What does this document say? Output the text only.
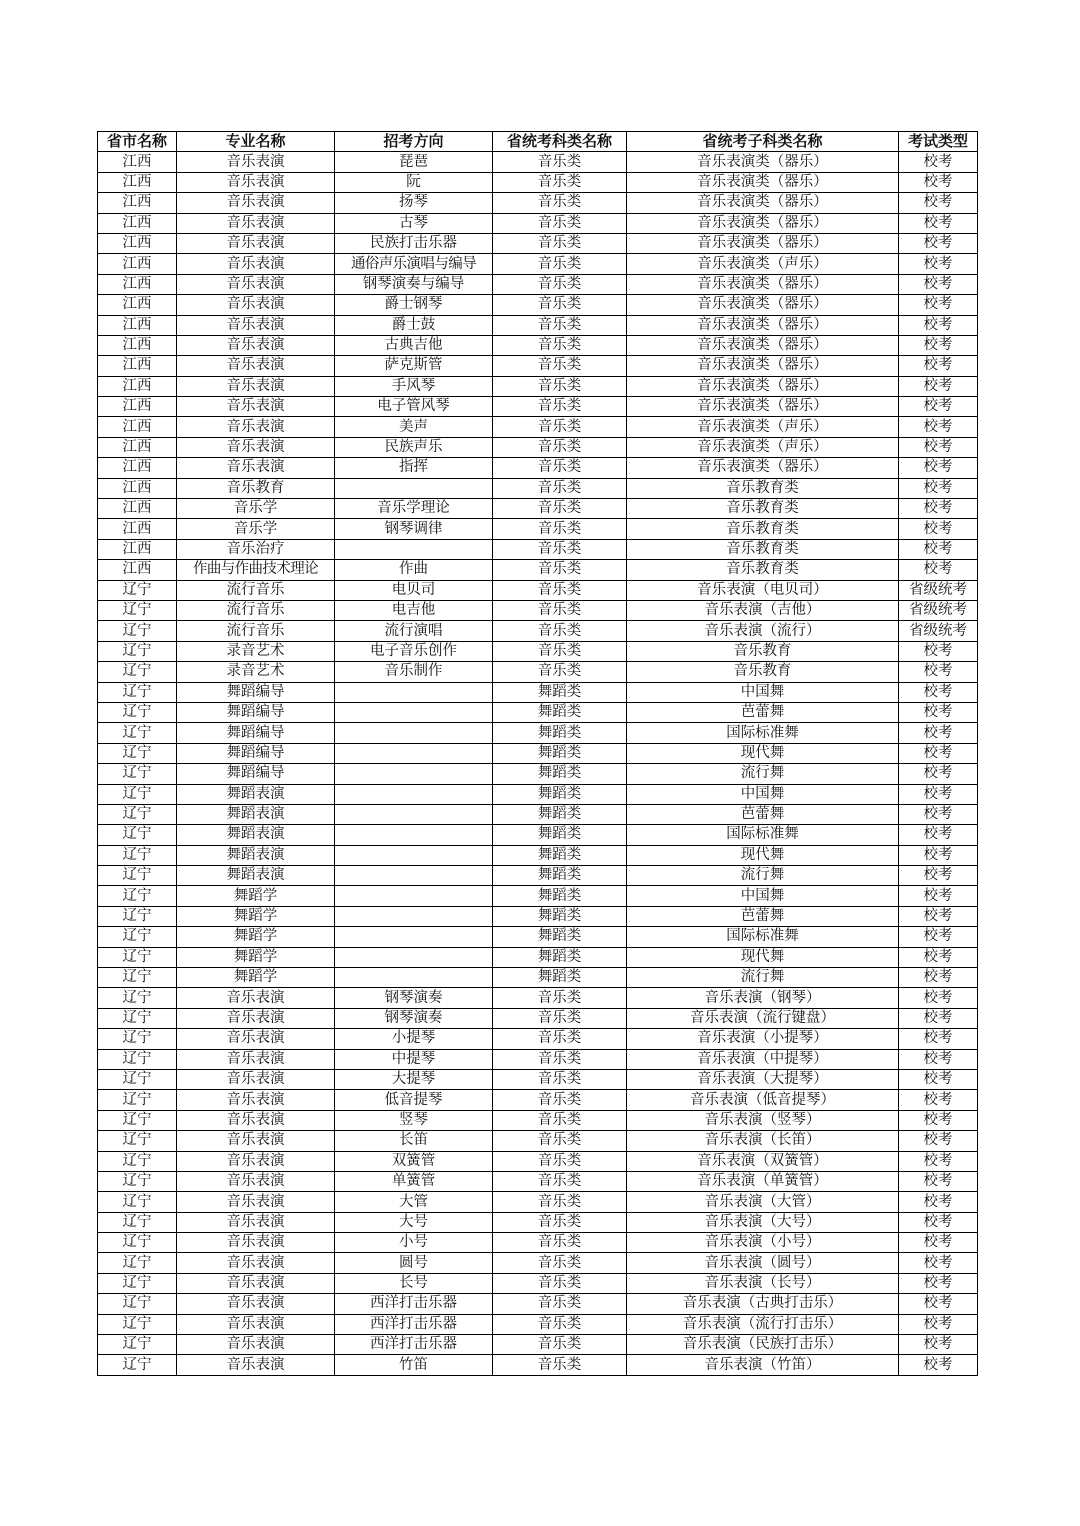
省市名称	专业名称	招考方向	省统考科类名称	省统考子科类名称	考试类型
江西	音乐表演	琵琶	音乐类	音乐表演类（器乐）	校考
江西	音乐表演	阮	音乐类	音乐表演类（器乐）	校考
江西	音乐表演	扬琴	音乐类	音乐表演类（器乐）	校考
江西	音乐表演	古琴	音乐类	音乐表演类（器乐）	校考
江西	音乐表演	民族打击乐器	音乐类	音乐表演类（器乐）	校考
江西	音乐表演	通俗声乐演唱与编导	音乐类	音乐表演类（声乐）	校考
江西	音乐表演	钢琴演奏与编导	音乐类	音乐表演类（器乐）	校考
江西	音乐表演	爵士钢琴	音乐类	音乐表演类（器乐）	校考
江西	音乐表演	爵士鼓	音乐类	音乐表演类（器乐）	校考
江西	音乐表演	古典吉他	音乐类	音乐表演类（器乐）	校考
江西	音乐表演	萨克斯管	音乐类	音乐表演类（器乐）	校考
江西	音乐表演	手风琴	音乐类	音乐表演类（器乐）	校考
江西	音乐表演	电子管风琴	音乐类	音乐表演类（器乐）	校考
江西	音乐表演	美声	音乐类	音乐表演类（声乐）	校考
江西	音乐表演	民族声乐	音乐类	音乐表演类（声乐）	校考
江西	音乐表演	指挥	音乐类	音乐表演类（器乐）	校考
江西	音乐教育		音乐类	音乐教育类	校考
江西	音乐学	音乐学理论	音乐类	音乐教育类	校考
江西	音乐学	钢琴调律	音乐类	音乐教育类	校考
江西	音乐治疗		音乐类	音乐教育类	校考
江西	作曲与作曲技术理论	作曲	音乐类	音乐教育类	校考
辽宁	流行音乐	电贝司	音乐类	音乐表演（电贝司）	省级统考
辽宁	流行音乐	电吉他	音乐类	音乐表演（吉他）	省级统考
辽宁	流行音乐	流行演唱	音乐类	音乐表演（流行）	省级统考
辽宁	录音艺术	电子音乐创作	音乐类	音乐教育	校考
辽宁	录音艺术	音乐制作	音乐类	音乐教育	校考
辽宁	舞蹈编导		舞蹈类	中国舞	校考
辽宁	舞蹈编导		舞蹈类	芭蕾舞	校考
辽宁	舞蹈编导		舞蹈类	国际标准舞	校考
辽宁	舞蹈编导		舞蹈类	现代舞	校考
辽宁	舞蹈编导		舞蹈类	流行舞	校考
辽宁	舞蹈表演		舞蹈类	中国舞	校考
辽宁	舞蹈表演		舞蹈类	芭蕾舞	校考
辽宁	舞蹈表演		舞蹈类	国际标准舞	校考
辽宁	舞蹈表演		舞蹈类	现代舞	校考
辽宁	舞蹈表演		舞蹈类	流行舞	校考
辽宁	舞蹈学		舞蹈类	中国舞	校考
辽宁	舞蹈学		舞蹈类	芭蕾舞	校考
辽宁	舞蹈学		舞蹈类	国际标准舞	校考
辽宁	舞蹈学		舞蹈类	现代舞	校考
辽宁	舞蹈学		舞蹈类	流行舞	校考
辽宁	音乐表演	钢琴演奏	音乐类	音乐表演（钢琴）	校考
辽宁	音乐表演	钢琴演奏	音乐类	音乐表演（流行键盘）	校考
辽宁	音乐表演	小提琴	音乐类	音乐表演（小提琴）	校考
辽宁	音乐表演	中提琴	音乐类	音乐表演（中提琴）	校考
辽宁	音乐表演	大提琴	音乐类	音乐表演（大提琴）	校考
辽宁	音乐表演	低音提琴	音乐类	音乐表演（低音提琴）	校考
辽宁	音乐表演	竖琴	音乐类	音乐表演（竖琴）	校考
辽宁	音乐表演	长笛	音乐类	音乐表演（长笛）	校考
辽宁	音乐表演	双簧管	音乐类	音乐表演（双簧管）	校考
辽宁	音乐表演	单簧管	音乐类	音乐表演（单簧管）	校考
辽宁	音乐表演	大管	音乐类	音乐表演（大管）	校考
辽宁	音乐表演	大号	音乐类	音乐表演（大号）	校考
辽宁	音乐表演	小号	音乐类	音乐表演（小号）	校考
辽宁	音乐表演	圆号	音乐类	音乐表演（圆号）	校考
辽宁	音乐表演	长号	音乐类	音乐表演（长号）	校考
辽宁	音乐表演	西洋打击乐器	音乐类	音乐表演（古典打击乐）	校考
辽宁	音乐表演	西洋打击乐器	音乐类	音乐表演（流行打击乐）	校考
辽宁	音乐表演	西洋打击乐器	音乐类	音乐表演（民族打击乐）	校考
辽宁	音乐表演	竹笛	音乐类	音乐表演（竹笛）	校考
